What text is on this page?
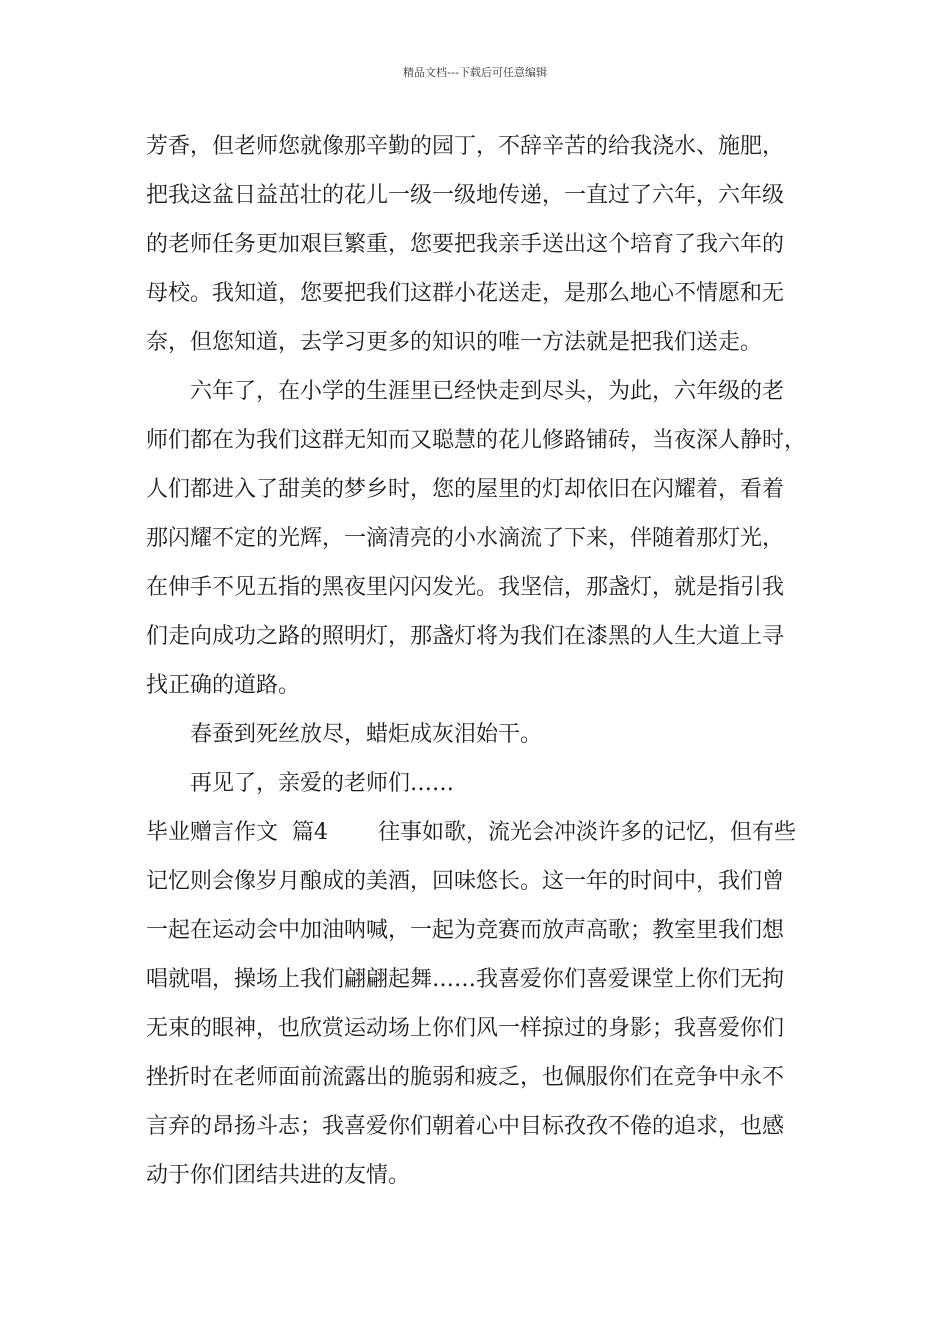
精品文档---下载后可任意编辑
芳香，但老师您就像那辛勤的园丁，不辞辛苦的给我浇水、施肥，
把我这盆日益茁壮的花儿一级一级地传递，一直过了六年，六年级
的老师任务更加艰巨繁重，您要把我亲手送出这个培育了我六年的
母校。我知道，您要把我们这群小花送走，是那么地心不情愿和无
奈，但您知道，去学习更多的知识的唯一方法就是把我们送走。
六年了，在小学的生涯里已经快走到尽头，为此，六年级的老
师们都在为我们这群无知而又聪慧的花儿修路铺砖，当夜深人静时，
人们都进入了甜美的梦乡时，您的屋里的灯却依旧在闪耀着，看着
那闪耀不定的光辉，一滴清亮的小水滴流了下来，伴随着那灯光，
在伸手不见五指的黑夜里闪闪发光。我坚信，那盏灯，就是指引我
们走向成功之路的照明灯，那盏灯将为我们在漆黑的人生大道上寻
找正确的道路。
春蚕到死丝放尽，蜡炬成灰泪始干。
再见了，亲爱的老师们……
毕业赠言作文  篇4 往事如歌，流光会冲淡许多的记忆，但有些
记忆则会像岁月酿成的美酒，回味悠长。这一年的时间中，我们曾
一起在运动会中加油呐喊，一起为竞赛而放声高歌；教室里我们想
唱就唱，操场上我们翩翩起舞……我喜爱你们喜爱课堂上你们无拘
无束的眼神，也欣赏运动场上你们风一样掠过的身影；我喜爱你们
挫折时在老师面前流露出的脆弱和疲乏，也佩服你们在竞争中永不
言弃的昂扬斗志；我喜爱你们朝着心中目标孜孜不倦的追求，也感
动于你们团结共进的友情。
